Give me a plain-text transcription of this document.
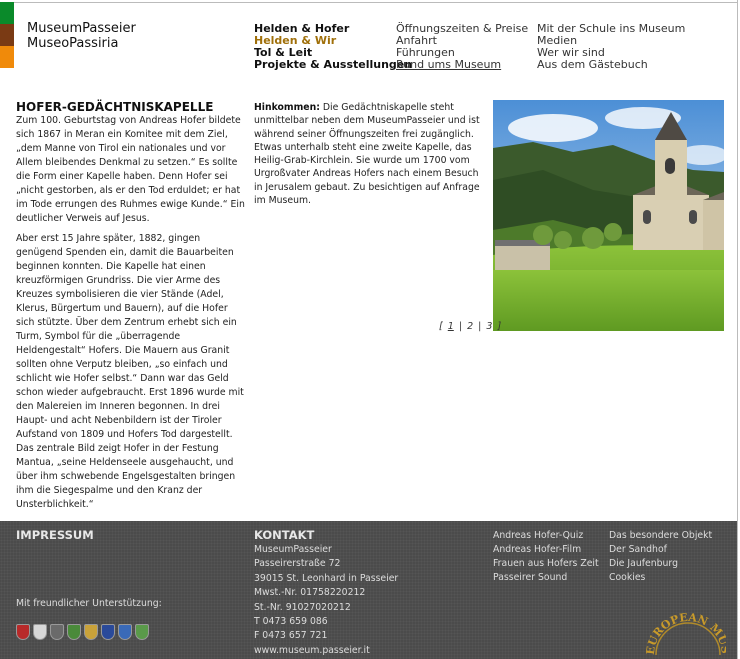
MuseumPasseier
MuseoPassiria
Helden & Hofer
Helden & Wir
Tol & Leit
Projekte & Ausstellungen
Öffnungszeiten & Preise
Anfahrt
Führungen
Rund ums Museum
Mit der Schule ins Museum
Medien
Wer wir sind
Aus dem Gästebuch
HOFER-GEDÄCHTNISKAPELLE

Zum 100. Geburtstag von Andreas Hofer bildete sich 1867 in Meran ein Komitee mit dem Ziel, „dem Manne von Tirol ein nationales und vor Allem bleibendes Denkmal zu setzen.“ Es sollte die Form einer Kapelle haben. Denn Hofer sei „nicht gestorben, als er den Tod erduldet; er hat im Tode errungen des Ruhmes ewige Kunde.“ Ein deutlicher Verweis auf Jesus.

Aber erst 15 Jahre später, 1882, gingen genügend Spenden ein, damit die Bauarbeiten beginnen konnten. Die Kapelle hat einen kreuzförmigen Grundriss. Die vier Arme des Kreuzes symbolisieren die vier Stände (Adel, Klerus, Bürgertum und Bauern), auf die Hofer sich stützte. Über dem Zentrum erhebt sich ein Turm, Symbol für die „überragende Heldengestalt“ Hofers. Die Mauern aus Granit sollten ohne Verputz bleiben, „so einfach und schlicht wie Hofer selbst.“ Dann war das Geld schon wieder aufgebraucht. Erst 1896 wurde mit den Malereien im Inneren begonnen. In drei Haupt- und acht Nebenbildern ist der Tiroler Aufstand von 1809 und Hofers Tod dargestellt. Das zentrale Bild zeigt Hofer in der Festung Mantua, „seine Heldenseele ausgehaucht, und über ihm schwebende Engelsgestalten bringen ihm die Siegespalme und den Kranz der Unsterblichkeit.“

Hinkommen: Die Gedächtniskapelle steht unmittelbar neben dem MuseumPasseier und ist während seiner Öffnungszeiten frei zugänglich. Etwas unterhalb steht eine zweite Kapelle, das Heilig-Grab-Kirchlein. Sie wurde um 1700 vom Urgroßvater Andreas Hofers nach einem Besuch in Jerusalem gebaut. Zu besichtigen auf Anfrage im Museum.
[ 1 | 2 | 3 ]
IMPRESSUM	KONTAKT
MuseumPasseier
Passeirerstraße 72
39015 St. Leonhard in Passeier
Mwst.-Nr. 01758220212
St.-Nr. 91027020212
T 0473 659 086
F 0473 657 721
www.museum.passeier.it
Andreas Hofer-Quiz
Andreas Hofer-Film
Frauen aus Hofers Zeit
Passeirer Sound
Das besondere Objekt
Der Sandhof
Die Jaufenburg
Cookies
Mit freundlicher Unterstützung:
UROPEAN M
